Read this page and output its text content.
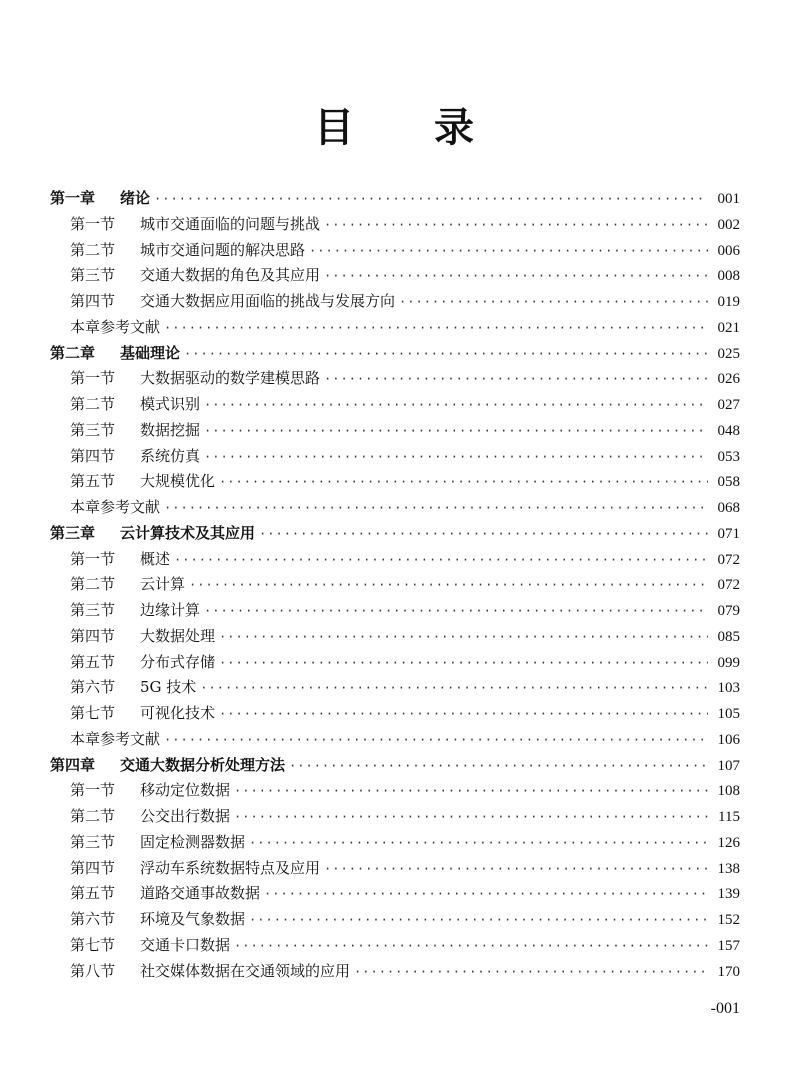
目 录
第一章	绪论 ·····	001
第一节	城市交通面临的问题与挑战 ·····	002
第二节	城市交通问题的解决思路 ·····	006
第三节	交通大数据的角色及其应用 ·····	008
第四节	交通大数据应用面临的挑战与发展方向 ·····	019
本章参考文献 ·····	021
第二章	基础理论 ·····	025
第一节	大数据驱动的数学建模思路 ·····	026
第二节	模式识别 ·····	027
第三节	数据挖掘 ·····	048
第四节	系统仿真 ·····	053
第五节	大规模优化 ·····	058
本章参考文献 ·····	068
第三章	云计算技术及其应用 ·····	071
第一节	概述 ·····	072
第二节	云计算 ·····	072
第三节	边缘计算 ·····	079
第四节	大数据处理 ·····	085
第五节	分布式存储 ·····	099
第六节	5G 技术 ·····	103
第七节	可视化技术 ·····	105
本章参考文献 ·····	106
第四章	交通大数据分析处理方法 ·····	107
第一节	移动定位数据 ·····	108
第二节	公交出行数据 ·····	115
第三节	固定检测器数据 ·····	126
第四节	浮动车系统数据特点及应用 ·····	138
第五节	道路交通事故数据 ·····	139
第六节	环境及气象数据 ·····	152
第七节	交通卡口数据 ·····	157
第八节	社交媒体数据在交通领域的应用 ·····	170
-001
